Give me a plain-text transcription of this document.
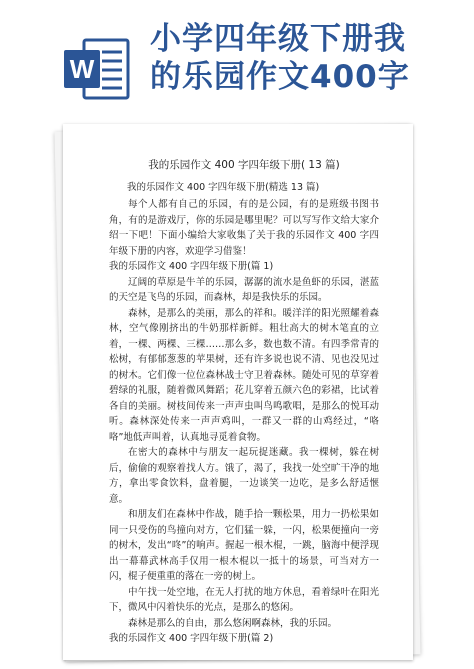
W
小学四年级下册我
的乐园作文400字
我的乐园作文 400 字四年级下册( 13 篇)
我的乐园作文 400 字四年级下册(精选 13 篇)

每个人都有自己的乐园，有的是公园，有的是班级书图书角，有的是游戏厅，你的乐园是哪里呢？可以写写作文给大家介绍一下吧！下面小编给大家收集了关于我的乐园作文 400 字四年级下册的内容，欢迎学习借鉴！

我的乐园作文 400 字四年级下册(篇 1)

辽阔的草原是牛羊的乐园，潺潺的流水是鱼虾的乐园，湛蓝的天空是飞鸟的乐园，而森林，却是我快乐的乐园。

森林，是那么的美丽，那么的祥和。暖洋洋的阳光照耀着森林，空气像刚挤出的牛奶那样新鲜。粗壮高大的树木笔直的立着，一棵、两棵、三棵……那么多，数也数不清。有四季常青的松树，有郁郁葱葱的苹果树，还有许多说也说不清、见也没见过的树木。它们像一位位森林战士守卫着森林。随处可见的草穿着碧绿的礼服，随着微风舞蹈；花儿穿着五颜六色的彩裙，比试着各自的美丽。树枝间传来一声声虫叫鸟鸣歌唱，是那么的悦耳动听。森林深处传来一声声鸡叫，一群又一群的山鸡经过，“咯咯”地低声叫着，认真地寻觅着食物。

在密大的森林中与朋友一起玩捉迷藏。我一棵树，躲在树后，偷偷的观察着找人方。饿了，渴了，我找一处空旷干净的地方，拿出零食饮料，盘着腿，一边谈笑一边吃，是多么舒适惬意。

和朋友们在森林中作战，随手拾一颗松果，用力一扔松果如同一只受伤的鸟撞向对方，它们猛一躲，一闪，松果便撞向一旁的树木，发出“咚”的响声。握起一根木棍，一跳，脑海中便浮现出一幕幕武林高手仅用一根木棍以一抵十的场景，可当对方一闪，棍子便重重的落在一旁的树上。

中午找一处空地，在无人打扰的地方休息，看着绿叶在阳光下，微风中闪着快乐的光点，是那么的悠闲。

森林是那么的自由，那么悠闲啊森林，我的乐园。

我的乐园作文 400 字四年级下册(篇 2)
